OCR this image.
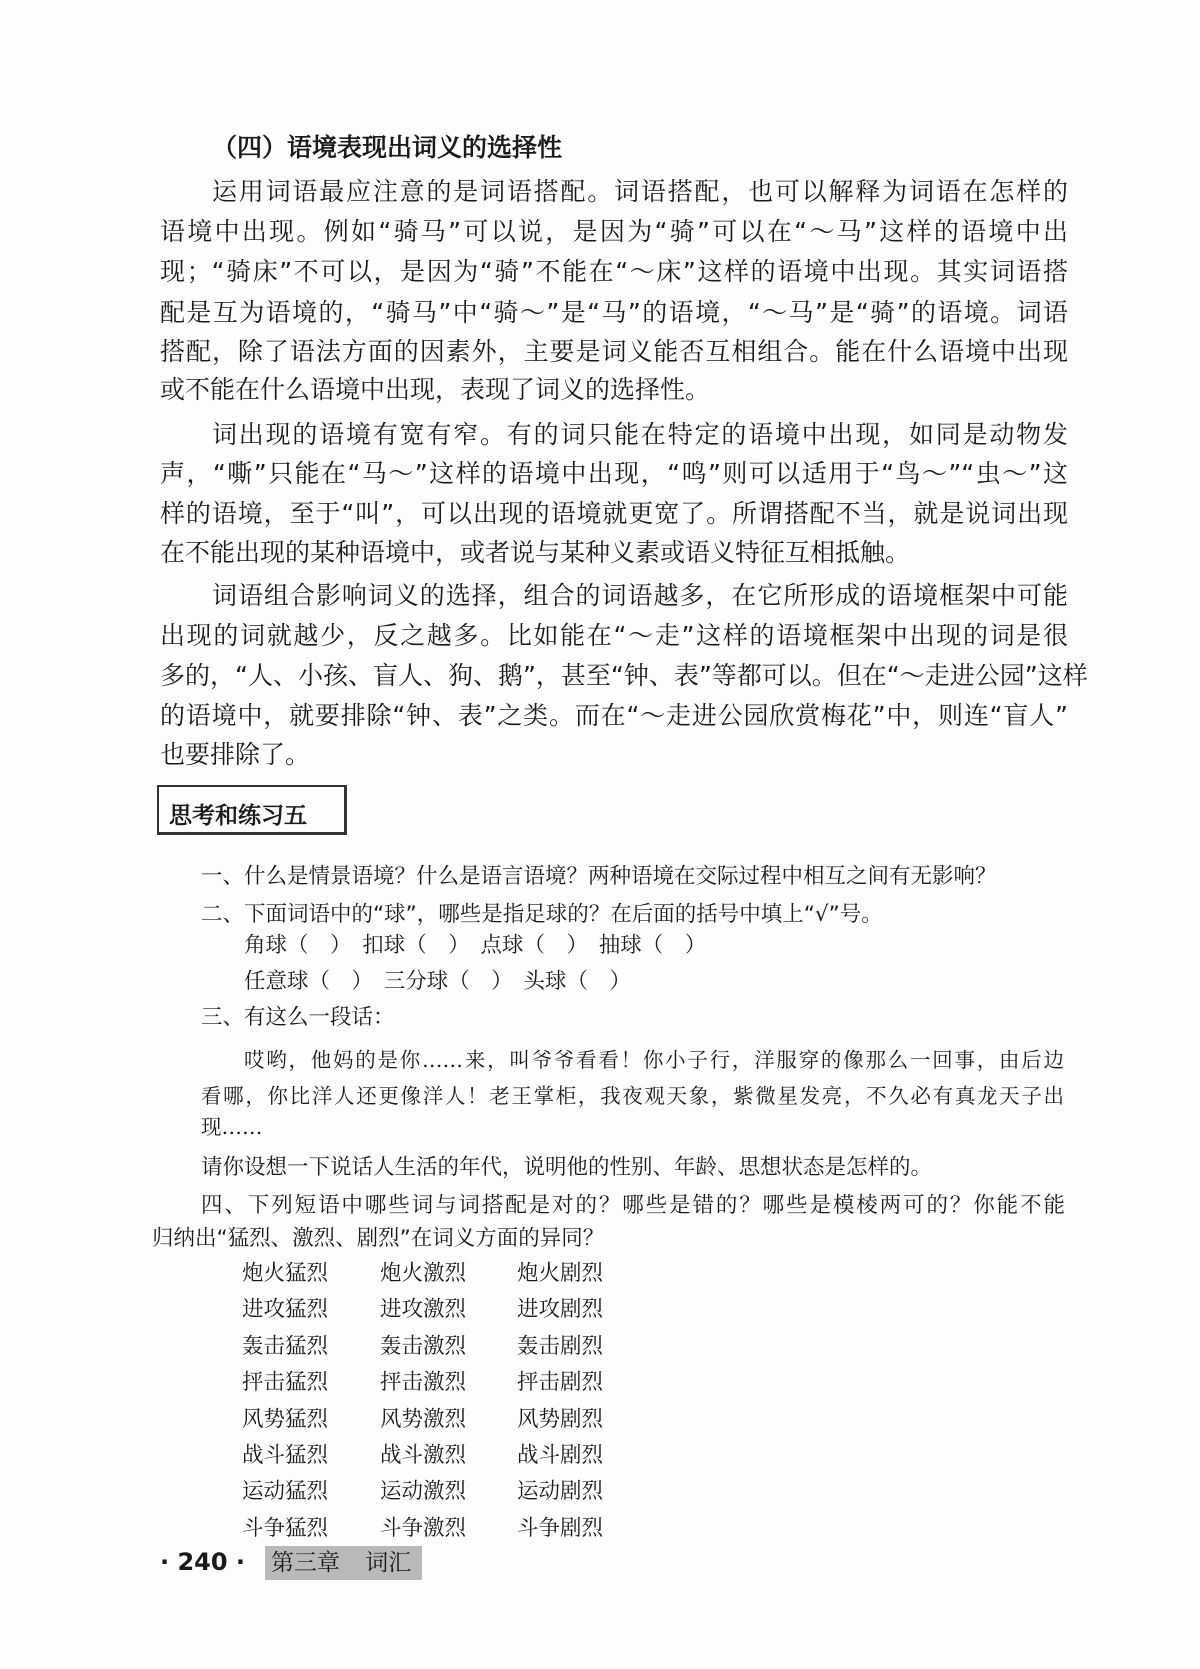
（四）语境表现出词义的选择性
运用词语最应注意的是词语搭配。词语搭配，也可以解释为词语在怎样的
语境中出现。例如“骑马”可以说，是因为“骑”可以在“～马”这样的语境中出
现；“骑床”不可以，是因为“骑”不能在“～床”这样的语境中出现。其实词语搭
配是互为语境的，“骑马”中“骑～”是“马”的语境，“～马”是“骑”的语境。词语
搭配，除了语法方面的因素外，主要是词义能否互相组合。能在什么语境中出现
或不能在什么语境中出现，表现了词义的选择性。
词出现的语境有宽有窄。有的词只能在特定的语境中出现，如同是动物发
声，“嘶”只能在“马～”这样的语境中出现，“鸣”则可以适用于“鸟～”“虫～”这
样的语境，至于“叫”，可以出现的语境就更宽了。所谓搭配不当，就是说词出现
在不能出现的某种语境中，或者说与某种义素或语义特征互相抵触。
词语组合影响词义的选择，组合的词语越多，在它所形成的语境框架中可能
出现的词就越少，反之越多。比如能在“～走”这样的语境框架中出现的词是很
多的，“人、小孩、盲人、狗、鹅”，甚至“钟、表”等都可以。但在“～走进公园”这样
的语境中，就要排除“钟、表”之类。而在“～走进公园欣赏梅花”中，则连“盲人”
也要排除了。
思考和练习五
一、什么是情景语境？什么是语言语境？两种语境在交际过程中相互之间有无影响？
二、下面词语中的“球”，哪些是指足球的？在后面的括号中填上“√”号。
角球（　）　扣球（　）　点球（　）　抽球（　）
任意球（　）　三分球（　）　头球（　）
三、有这么一段话：
哎哟，他妈的是你……来，叫爷爷看看！你小子行，洋服穿的像那么一回事，由后边
看哪，你比洋人还更像洋人！老王掌柜，我夜观天象，紫微星发亮，不久必有真龙天子出
现……
请你设想一下说话人生活的年代，说明他的性别、年龄、思想状态是怎样的。
四、下列短语中哪些词与词搭配是对的？哪些是错的？哪些是模棱两可的？你能不能
归纳出“猛烈、激烈、剧烈”在词义方面的异同？
炮火猛烈 炮火激烈 炮火剧烈
进攻猛烈 进攻激烈 进攻剧烈
轰击猛烈 轰击激烈 轰击剧烈
抨击猛烈 抨击激烈 抨击剧烈
风势猛烈 风势激烈 风势剧烈
战斗猛烈 战斗激烈 战斗剧烈
运动猛烈 运动激烈 运动剧烈
斗争猛烈 斗争激烈 斗争剧烈
· 240 · 第三章 词汇
